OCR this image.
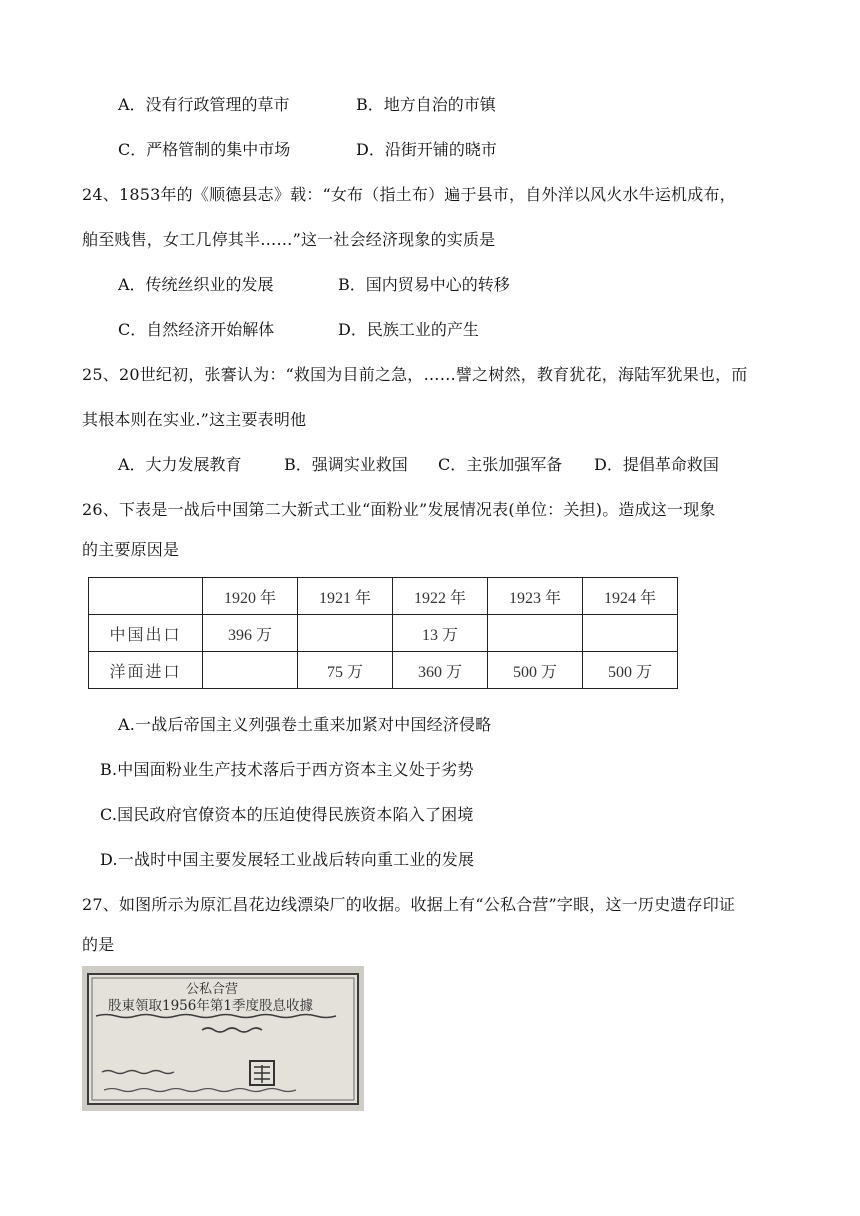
A．没有行政管理的草市	B．地方自治的市镇
C．严格管制的集中市场	D．沿街开铺的晓市
24、1853年的《顺德县志》载：“女布（指土布）遍于县市，自外洋以风火水牛运机成布，
舶至贱售，女工几停其半……”这一社会经济现象的实质是
A．传统丝织业的发展	B．国内贸易中心的转移
C．自然经济开始解体	D．民族工业的产生
25、20世纪初，张謇认为：“救国为目前之急，……譬之树然，教育犹花，海陆军犹果也，而
其根本则在实业.”这主要表明他
A．大力发展教育	B．强调实业救国 C．主张加强军备 D．提倡革命救国
26、下表是一战后中国第二大新式工业“面粉业”发展情况表(单位：关担)。造成这一现象
的主要原因是
	1920 年	1921 年	1922 年	1923 年	1924 年
中国出口	396 万		13 万		
洋面进口		75 万	360 万	500 万	500 万
A.一战后帝国主义列强卷土重来加紧对中国经济侵略
B.中国面粉业生产技术落后于西方资本主义处于劣势
C.国民政府官僚资本的压迫使得民族资本陷入了困境
D.一战时中国主要发展轻工业战后转向重工业的发展
27、如图所示为原汇昌花边线漂染厂的收据。收据上有“公私合营”字眼，这一历史遗存印证
的是
公私合营
股東領取1956年第1季度股息收據
